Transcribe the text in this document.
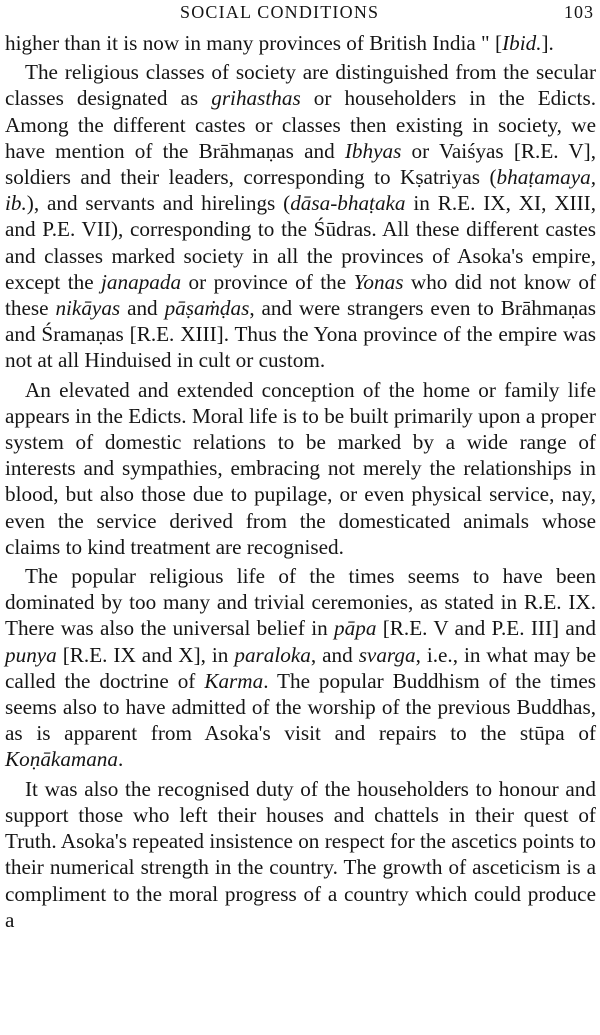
SOCIAL CONDITIONS	103

higher than it is now in many provinces of British India " [Ibid.].

The religious classes of society are distinguished from the secular classes designated as grihasthas or householders in the Edicts. Among the different castes or classes then existing in society, we have mention of the Brāhmaṇas and Ibhyas or Vaiśyas [R.E. V], soldiers and their leaders, corresponding to Kṣatriyas (bhaṭamaya, ib.), and servants and hirelings (dāsa-bhaṭaka in R.E. IX, XI, XIII, and P.E. VII), corresponding to the Śūdras. All these different castes and classes marked society in all the provinces of Asoka's empire, except the janapada or province of the Yonas who did not know of these nikāyas and pāṣaṁḍas, and were strangers even to Brāhmaṇas and Śramaṇas [R.E. XIII]. Thus the Yona province of the empire was not at all Hinduised in cult or custom.

An elevated and extended conception of the home or family life appears in the Edicts. Moral life is to be built primarily upon a proper system of domestic relations to be marked by a wide range of interests and sympathies, embracing not merely the relationships in blood, but also those due to pupilage, or even physical service, nay, even the service derived from the domesticated animals whose claims to kind treatment are recognised.

The popular religious life of the times seems to have been dominated by too many and trivial ceremonies, as stated in R.E. IX. There was also the universal belief in pāpa [R.E. V and P.E. III] and punya [R.E. IX and X], in paraloka, and svarga, i.e., in what may be called the doctrine of Karma. The popular Buddhism of the times seems also to have admitted of the worship of the previous Buddhas, as is apparent from Asoka's visit and repairs to the stūpa of Koṇākamana.

It was also the recognised duty of the householders to honour and support those who left their houses and chattels in their quest of Truth. Asoka's repeated insistence on respect for the ascetics points to their numerical strength in the country. The growth of asceticism is a compliment to the moral progress of a country which could produce a
